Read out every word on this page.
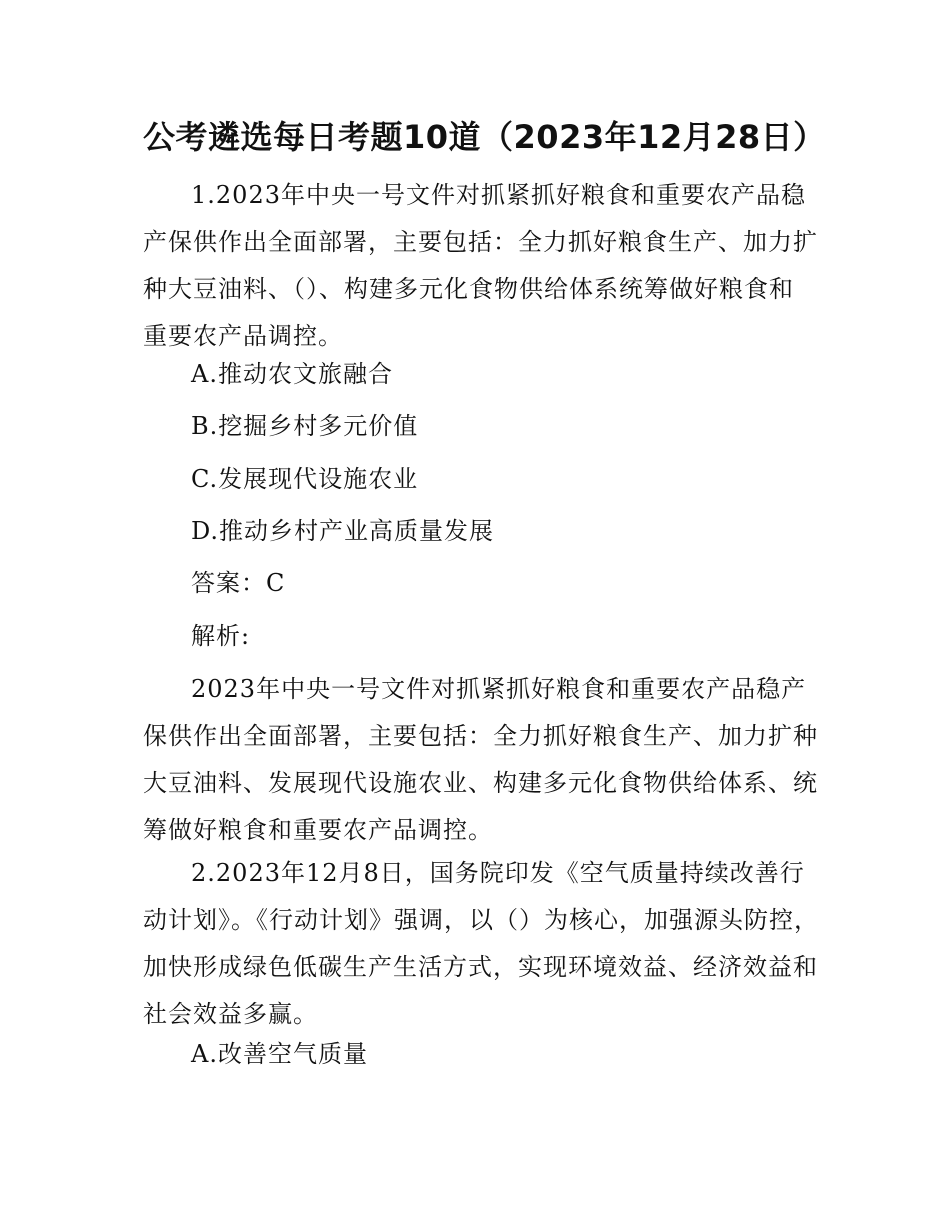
公考遴选每日考题10道（2023年12月28日）

1.2023年中央一号文件对抓紧抓好粮食和重要农产品稳
产保供作出全面部署，主要包括：全力抓好粮食生产、加力扩
种大豆油料、（）、构建多元化食物供给体系统筹做好粮食和
重要农产品调控。

A.推动农文旅融合

B.挖掘乡村多元价值

C.发展现代设施农业

D.推动乡村产业高质量发展

答案：C

解析:

2023年中央一号文件对抓紧抓好粮食和重要农产品稳产
保供作出全面部署，主要包括：全力抓好粮食生产、加力扩种
大豆油料、发展现代设施农业、构建多元化食物供给体系、统
筹做好粮食和重要农产品调控。

2.2023年12月8日，国务院印发《空气质量持续改善行
动计划》。《行动计划》强调，以（）为核心，加强源头防控，
加快形成绿色低碳生产生活方式，实现环境效益、经济效益和
社会效益多赢。

A.改善空气质量
